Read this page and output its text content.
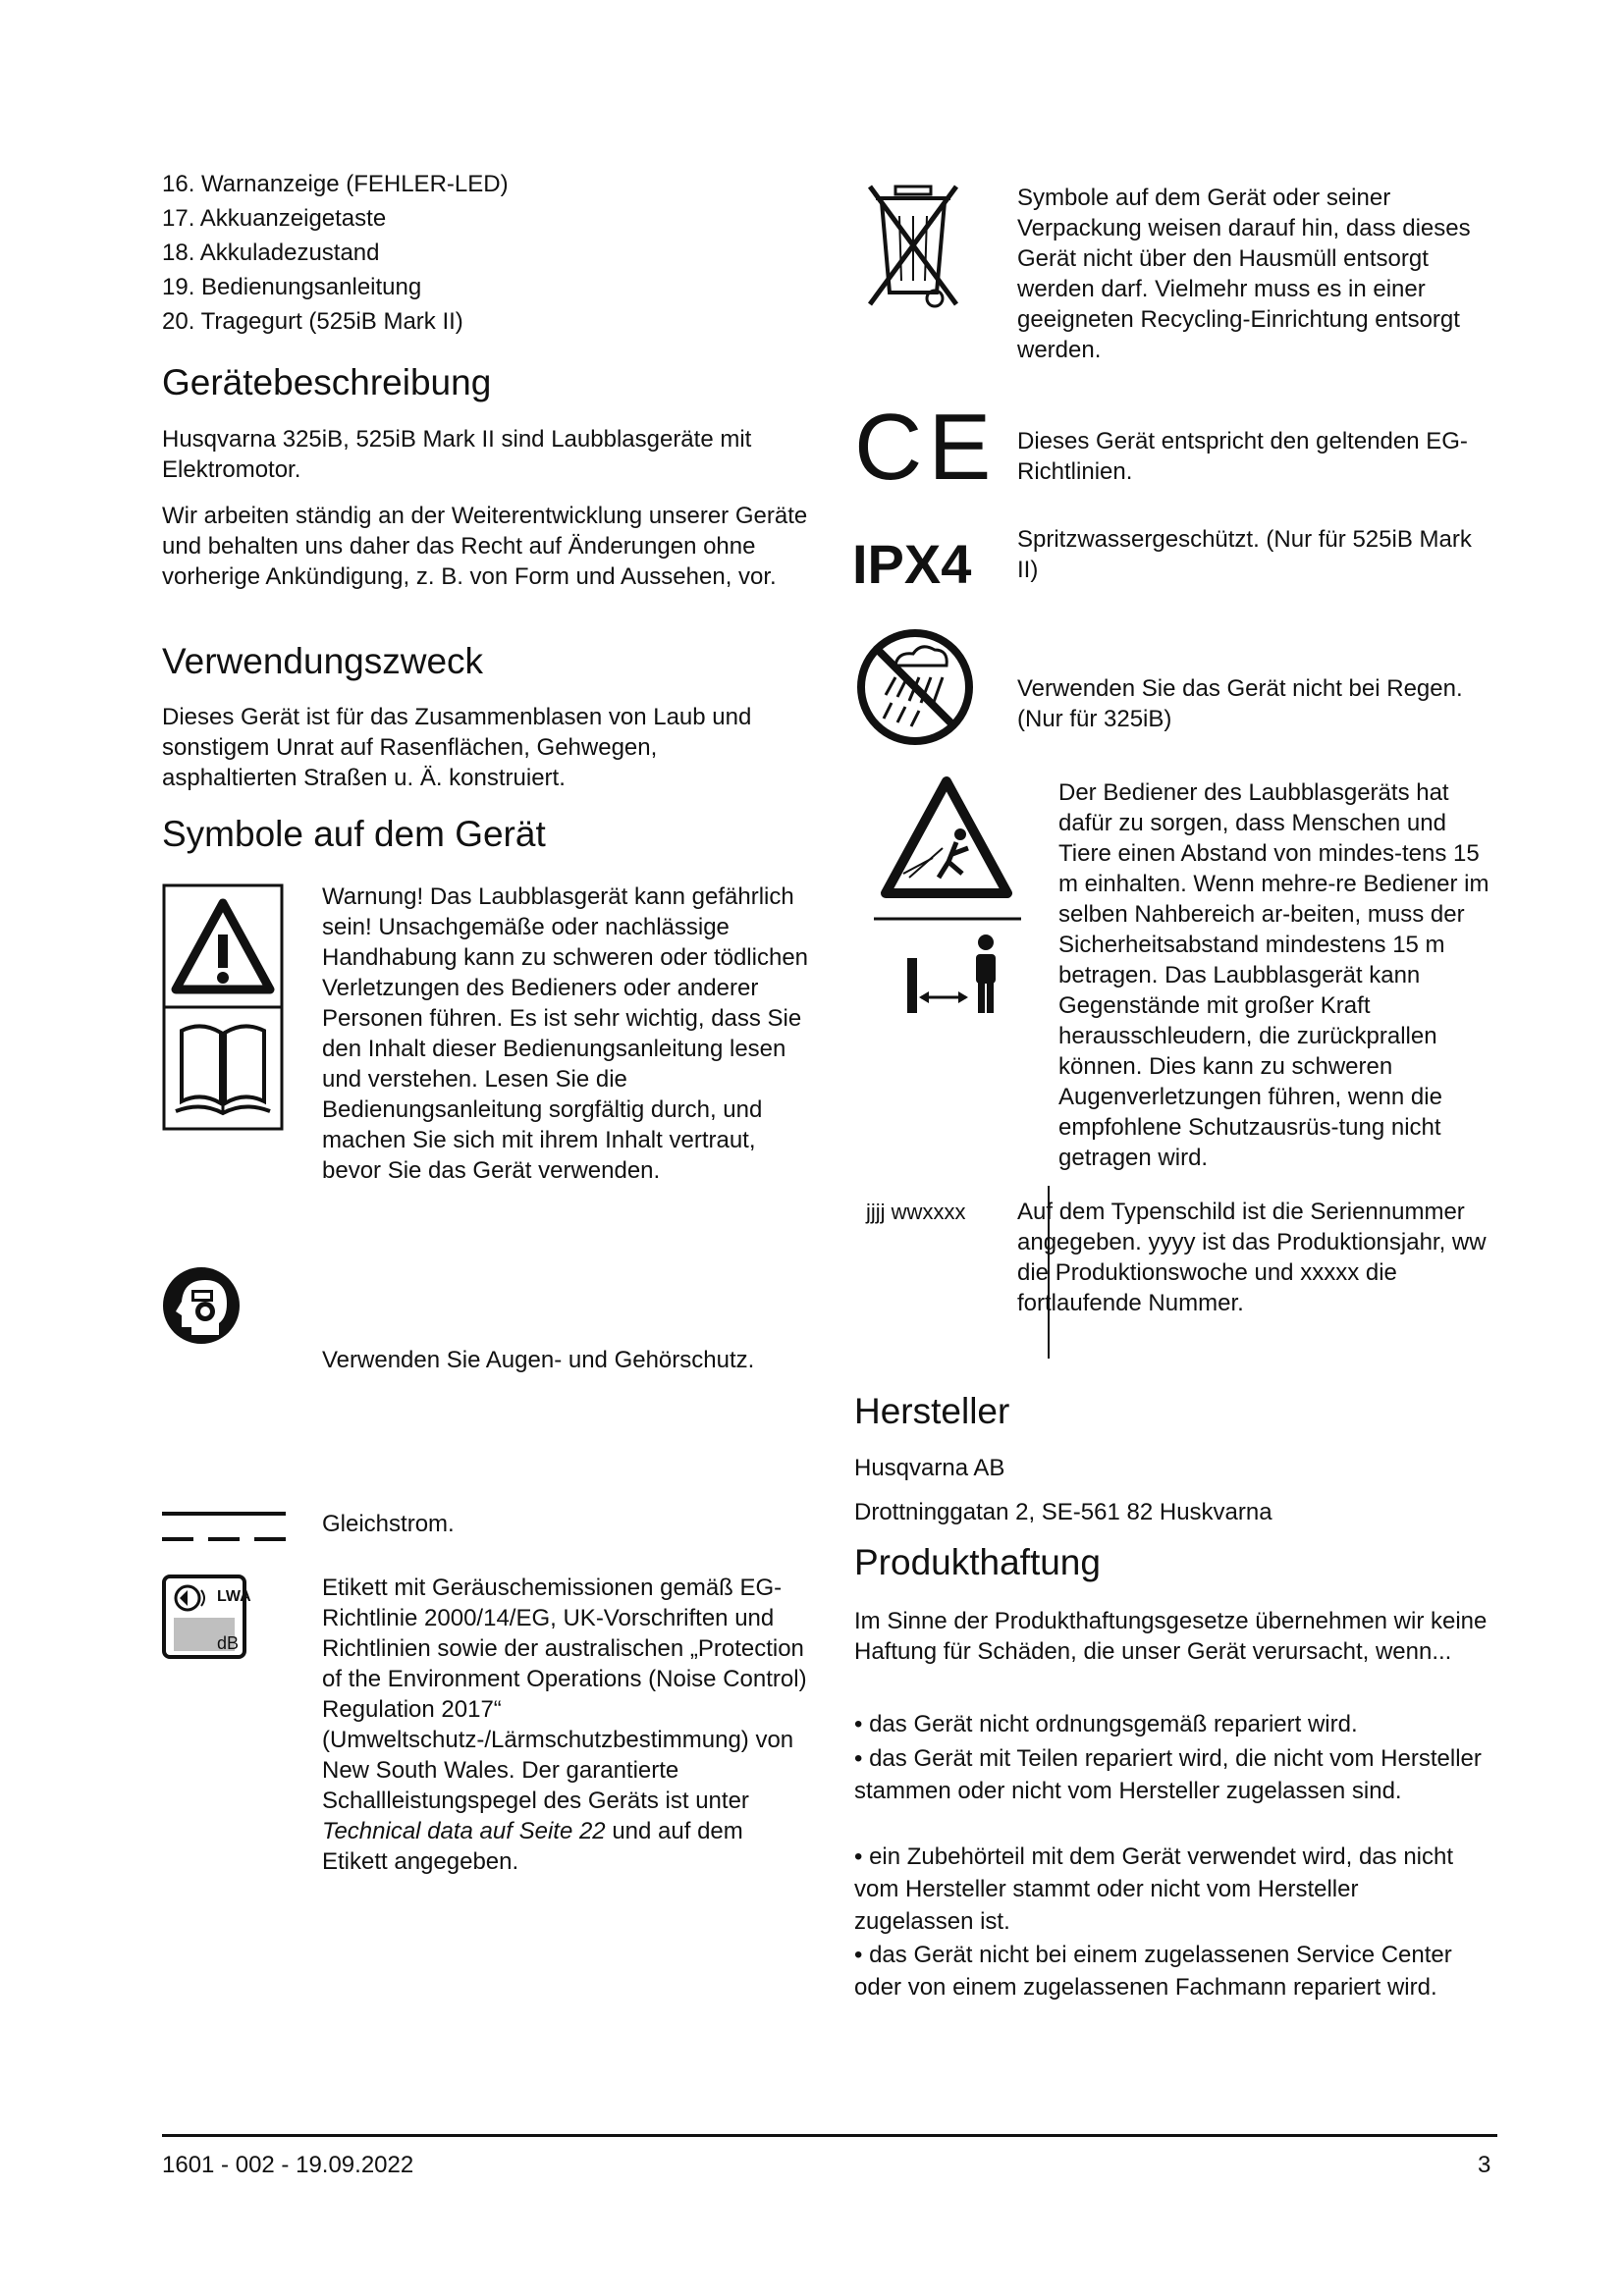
16. Warnanzeige (FEHLER-LED)

17. Akkuanzeigetaste

18. Akkuladezustand

19. Bedienungsanleitung

20. Tragegurt (525iB Mark II)

Gerätebeschreibung

Husqvarna 325iB, 525iB Mark II sind Laubblasgeräte mit Elektromotor.

Wir arbeiten ständig an der Weiterentwicklung unserer Geräte und behalten uns daher das Recht auf Änderungen ohne vorherige Ankündigung, z. B. von Form und Aussehen, vor.

Verwendungszweck

Dieses Gerät ist für das Zusammenblasen von Laub und sonstigem Unrat auf Rasenflächen, Gehwegen, asphaltierten Straßen u. Ä. konstruiert.

Symbole auf dem Gerät

Warnung! Das Laubblasgerät kann gefährlich sein! Unsachgemäße oder nachlässige Handhabung kann zu schweren oder tödlichen Verletzungen des Bedieners oder anderer Personen führen. Es ist sehr wichtig, dass Sie den Inhalt dieser Bedienungsanleitung lesen und verstehen. Lesen Sie die Bedienungsanleitung sorgfältig durch, und machen Sie sich mit ihrem Inhalt vertraut, bevor Sie das Gerät verwenden.

Verwenden Sie Augen- und Gehörschutz.

Gleichstrom.

LWA
dB

Etikett mit Geräuschemissionen gemäß EG-Richtlinie 2000/14/EG, UK-Vorschriften und Richtlinien sowie der australischen „Protection of the Environment Operations (Noise Control) Regulation 2017“ (Umweltschutz-/Lärmschutzbestimmung) von New South Wales. Der garantierte Schallleistungspegel des Geräts ist unter Technical data auf Seite 22 und auf dem Etikett angegeben.

Symbole auf dem Gerät oder seiner Verpackung weisen darauf hin, dass dieses Gerät nicht über den Hausmüll entsorgt werden darf. Vielmehr muss es in einer geeigneten Recycling-Einrichtung entsorgt werden.

CE Dieses Gerät entspricht den geltenden EG-Richtlinien.

IPX4 Spritzwassergeschützt. (Nur für 525iB Mark II)

Verwenden Sie das Gerät nicht bei Regen. (Nur für 325iB)

Der Bediener des Laubblasgeräts hat dafür zu sorgen, dass Menschen und Tiere einen Abstand von mindes-tens 15 m einhalten. Wenn mehre-re Bediener im selben Nahbereich ar-beiten, muss der Sicherheitsabstand mindestens 15 m betragen. Das Laubblasgerät kann Gegenstände mit großer Kraft herausschleudern, die zurückprallen können. Dies kann zu schweren Augenverletzungen führen, wenn die empfohlene Schutzausrüs-tung nicht getragen wird.

jjjj wwxxxx Auf dem Typenschild ist die Seriennummer angegeben. yyyy ist das Produktionsjahr, ww die Produktionswoche und xxxxx die fortlaufende Nummer.

Hersteller

Husqvarna AB

Drottninggatan 2, SE-561 82 Huskvarna

Produkthaftung

Im Sinne der Produkthaftungsgesetze übernehmen wir keine Haftung für Schäden, die unser Gerät verursacht, wenn...

• das Gerät nicht ordnungsgemäß repariert wird.
• das Gerät mit Teilen repariert wird, die nicht vom Hersteller stammen oder nicht vom Hersteller zugelassen sind.
• ein Zubehörteil mit dem Gerät verwendet wird, das nicht vom Hersteller stammt oder nicht vom Hersteller zugelassen ist.
• das Gerät nicht bei einem zugelassenen Service Center oder von einem zugelassenen Fachmann repariert wird.
1601 - 002 - 19.09.2022	3
